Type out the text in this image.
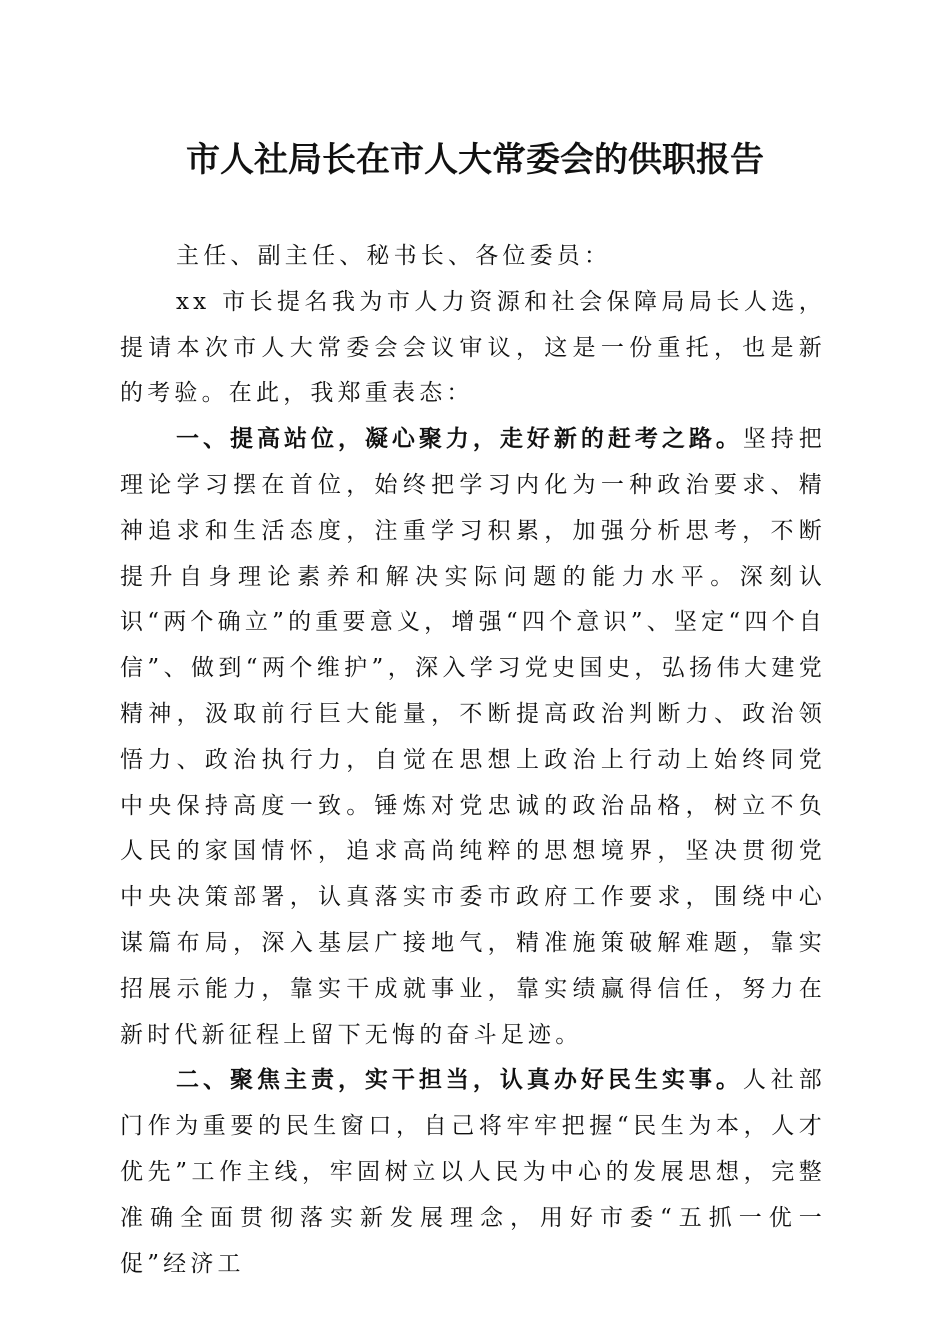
市人社局长在市人大常委会的供职报告

主任、副主任、秘书长、各位委员：

xx 市长提名我为市人力资源和社会保障局局长人选，提请本次市人大常委会会议审议，这是一份重托，也是新的考验。在此，我郑重表态：

一、提高站位，凝心聚力，走好新的赶考之路。坚持把理论学习摆在首位，始终把学习内化为一种政治要求、精神追求和生活态度，注重学习积累，加强分析思考，不断提升自身理论素养和解决实际问题的能力水平。深刻认识“两个确立”的重要意义，增强“四个意识”、坚定“四个自信”、做到“两个维护”，深入学习党史国史，弘扬伟大建党精神，汲取前行巨大能量，不断提高政治判断力、政治领悟力、政治执行力，自觉在思想上政治上行动上始终同党中央保持高度一致。锤炼对党忠诚的政治品格，树立不负人民的家国情怀，追求高尚纯粹的思想境界，坚决贯彻党中央决策部署，认真落实市委市政府工作要求，围绕中心谋篇布局，深入基层广接地气，精准施策破解难题，靠实招展示能力，靠实干成就事业，靠实绩赢得信任，努力在新时代新征程上留下无悔的奋斗足迹。

二、聚焦主责，实干担当，认真办好民生实事。人社部门作为重要的民生窗口，自己将牢牢把握“民生为本，人才优先”工作主线，牢固树立以人民为中心的发展思想，完整准确全面贯彻落实新发展理念，用好市委“五抓一优一促”经济工
